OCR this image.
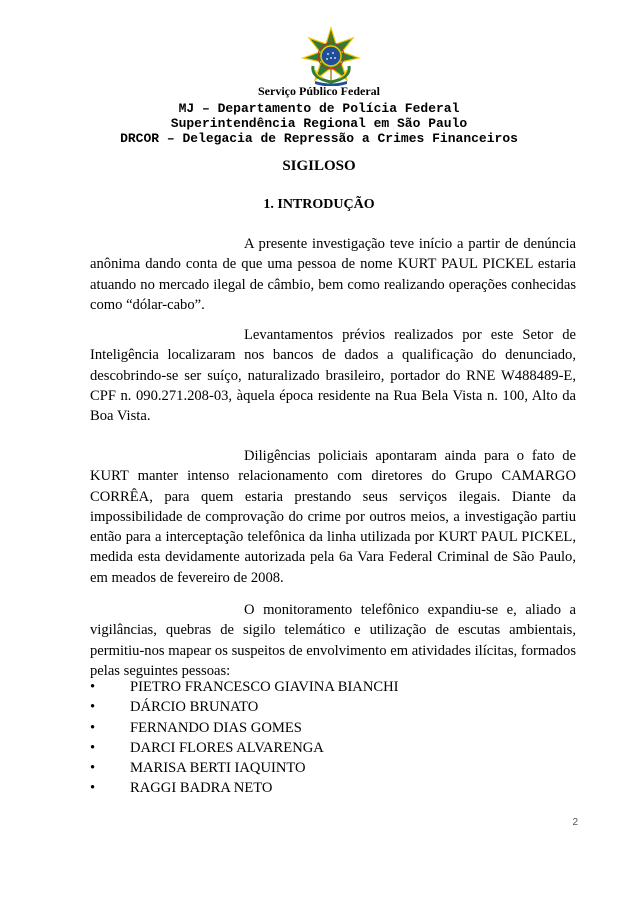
Serviço Público Federal
MJ – Departamento de Polícia Federal
Superintendência Regional em São Paulo
DRCOR – Delegacia de Repressão a Crimes Financeiros
SIGILOSO
1. INTRODUÇÃO

A presente investigação teve início a partir de denúncia anônima dando conta de que uma pessoa de nome KURT PAUL PICKEL estaria atuando no mercado ilegal de câmbio, bem como realizando operações conhecidas como “dólar-cabo”.

Levantamentos prévios realizados por este Setor de Inteligência localizaram nos bancos de dados a qualificação do denunciado, descobrindo-se ser suíço, naturalizado brasileiro, portador do RNE W488489-E, CPF n. 090.271.208-03, àquela época residente na Rua Bela Vista n. 100, Alto da Boa Vista.

Diligências policiais apontaram ainda para o fato de KURT manter intenso relacionamento com diretores do Grupo CAMARGO CORRÊA, para quem estaria prestando seus serviços ilegais. Diante da impossibilidade de comprovação do crime por outros meios, a investigação partiu então para a interceptação telefônica da linha utilizada por KURT PAUL PICKEL, medida esta devidamente autorizada pela 6a Vara Federal Criminal de São Paulo, em meados de fevereiro de 2008.

O monitoramento telefônico expandiu-se e, aliado a vigilâncias, quebras de sigilo telemático e utilização de escutas ambientais, permitiu-nos mapear os suspeitos de envolvimento em atividades ilícitas, formados pelas seguintes pessoas:

• PIETRO FRANCESCO GIAVINA BIANCHI
• DÁRCIO BRUNATO
• FERNANDO DIAS GOMES
• DARCI FLORES ALVARENGA
• MARISA BERTI IAQUINTO
• RAGGI BADRA NETO
2
